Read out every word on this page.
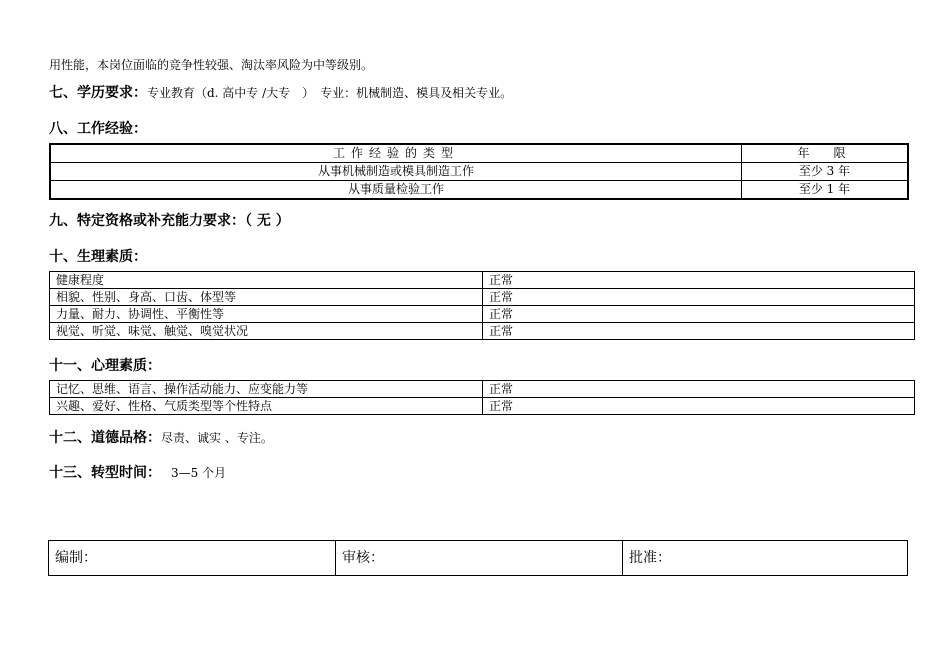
用性能，本岗位面临的竞争性较强、淘汰率风险为中等级别。
七、学历要求：专业教育（d. 高中专 /大专　）　专业：机械制造、模具及相关专业。
八、工作经验：
工作经验的类型	年　限
从事机械制造或模具制造工作	至少 3 年
从事质量检验工作	至少 1 年
九、特定资格或补充能力要求：（ 无 ）
十、生理素质：
健康程度	正常
相貌、性别、身高、口齿、体型等	正常
力量、耐力、协调性、平衡性等	正常
视觉、听觉、味觉、触觉、嗅觉状况	正常
十一、心理素质：
记忆、思维、语言、操作活动能力、应变能力等	正常
兴趣、爱好、性格、气质类型等个性特点	正常
十二、道德品格：尽责、诚实 、专注。
十三、转型时间： 3—5 个月
编制：	审核：	批准：
